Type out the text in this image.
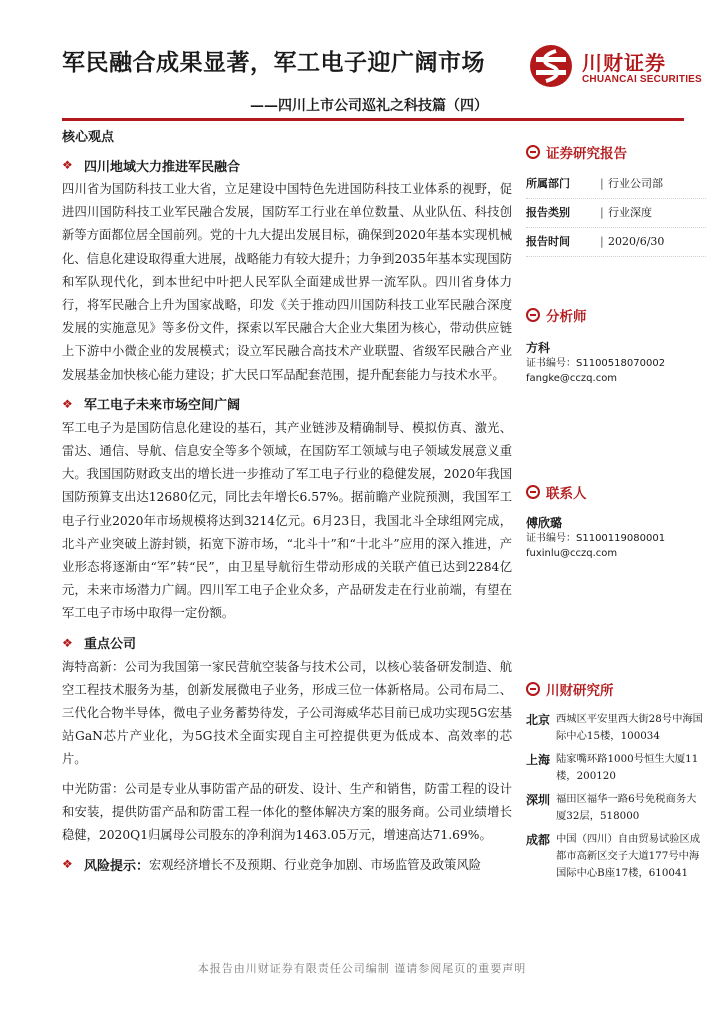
军民融合成果显著，军工电子迎广阔市场
——四川上市公司巡礼之科技篇（四）
川财证券
CHUANCAI SECURITIES
核心观点
❖ 四川地域大力推进军民融合
四川省为国防科技工业大省，立足建设中国特色先进国防科技工业体系的视野，促进四川国防科技工业军民融合发展，国防军工行业在单位数量、从业队伍、科技创新等方面都位居全国前列。党的十九大提出发展目标，确保到2020年基本实现机械化、信息化建设取得重大进展，战略能力有较大提升；力争到2035年基本实现国防和军队现代化，到本世纪中叶把人民军队全面建成世界一流军队。四川省身体力行，将军民融合上升为国家战略，印发《关于推动四川国防科技工业军民融合深度发展的实施意见》等多份文件，探索以军民融合大企业大集团为核心，带动供应链上下游中小微企业的发展模式；设立军民融合高技术产业联盟、省级军民融合产业发展基金加快核心能力建设；扩大民口军品配套范围，提升配套能力与技术水平。
❖ 军工电子未来市场空间广阔
军工电子为是国防信息化建设的基石，其产业链涉及精确制导、模拟仿真、激光、雷达、通信、导航、信息安全等多个领域，在国防军工领域与电子领域发展意义重大。我国国防财政支出的增长进一步推动了军工电子行业的稳健发展，2020年我国国防预算支出达12680亿元，同比去年增长6.57%。据前瞻产业院预测，我国军工电子行业2020年市场规模将达到3214亿元。6月23日，我国北斗全球组网完成，北斗产业突破上游封锁，拓宽下游市场，“北斗十”和“十北斗”应用的深入推进，产业形态将逐渐由“军”转“民”，由卫星导航衍生带动形成的关联产值已达到2284亿元，未来市场潜力广阔。四川军工电子企业众多，产品研发走在行业前端，有望在军工电子市场中取得一定份额。
❖ 重点公司
海特高新：公司为我国第一家民营航空装备与技术公司，以核心装备研发制造、航空工程技术服务为基，创新发展微电子业务，形成三位一体新格局。公司布局二、三代化合物半导体，微电子业务蓄势待发，子公司海威华芯目前已成功实现5G宏基站GaN芯片产业化，为5G技术全面实现自主可控提供更为低成本、高效率的芯片。
中光防雷：公司是专业从事防雷产品的研发、设计、生产和销售，防雷工程的设计和安装，提供防雷产品和防雷工程一体化的整体解决方案的服务商。公司业绩增长稳健，2020Q1归属母公司股东的净利润为1463.05万元，增速高达71.69%。
❖ 风险提示： 宏观经济增长不及预期、行业竞争加剧、市场监管及政策风险
证券研究报告
所属部门	| 行业公司部
报告类别	| 行业深度
报告时间	| 2020/6/30
分析师
方科
证书编号：S1100518070002
fangke@cczq.com
联系人
傅欣璐
证书编号：S1100119080001
fuxinlu@cczq.com
川财研究所
北京 西城区平安里西大街28号中海国际中心15楼，100034
上海 陆家嘴环路1000号恒生大厦11楼，200120
深圳 福田区福华一路6号免税商务大厦32层，518000
成都 中国（四川）自由贸易试验区成都市高新区交子大道177号中海国际中心B座17楼，610041
本报告由川财证券有限责任公司编制 谨请参阅尾页的重要声明
